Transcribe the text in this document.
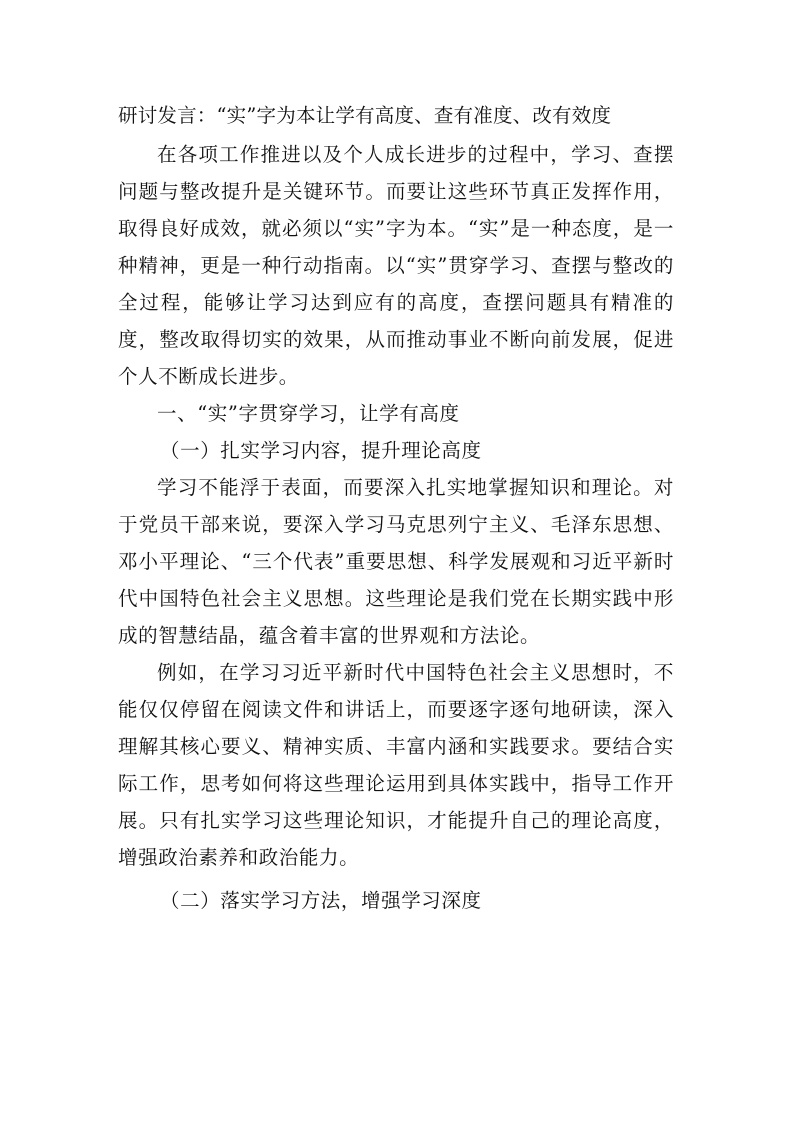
研讨发言：“实”字为本让学有高度、查有准度、改有效度

在各项工作推进以及个人成长进步的过程中，学习、查摆问题与整改提升是关键环节。而要让这些环节真正发挥作用，取得良好成效，就必须以“实”字为本。“实”是一种态度，是一种精神，更是一种行动指南。以“实”贯穿学习、查摆与整改的全过程，能够让学习达到应有的高度，查摆问题具有精准的度，整改取得切实的效果，从而推动事业不断向前发展，促进个人不断成长进步。

一、“实”字贯穿学习，让学有高度

（一）扎实学习内容，提升理论高度

学习不能浮于表面，而要深入扎实地掌握知识和理论。对于党员干部来说，要深入学习马克思列宁主义、毛泽东思想、邓小平理论、“三个代表”重要思想、科学发展观和习近平新时代中国特色社会主义思想。这些理论是我们党在长期实践中形成的智慧结晶，蕴含着丰富的世界观和方法论。

例如，在学习习近平新时代中国特色社会主义思想时，不能仅仅停留在阅读文件和讲话上，而要逐字逐句地研读，深入理解其核心要义、精神实质、丰富内涵和实践要求。要结合实际工作，思考如何将这些理论运用到具体实践中，指导工作开展。只有扎实学习这些理论知识，才能提升自己的理论高度，增强政治素养和政治能力。

（二）落实学习方法，增强学习深度
